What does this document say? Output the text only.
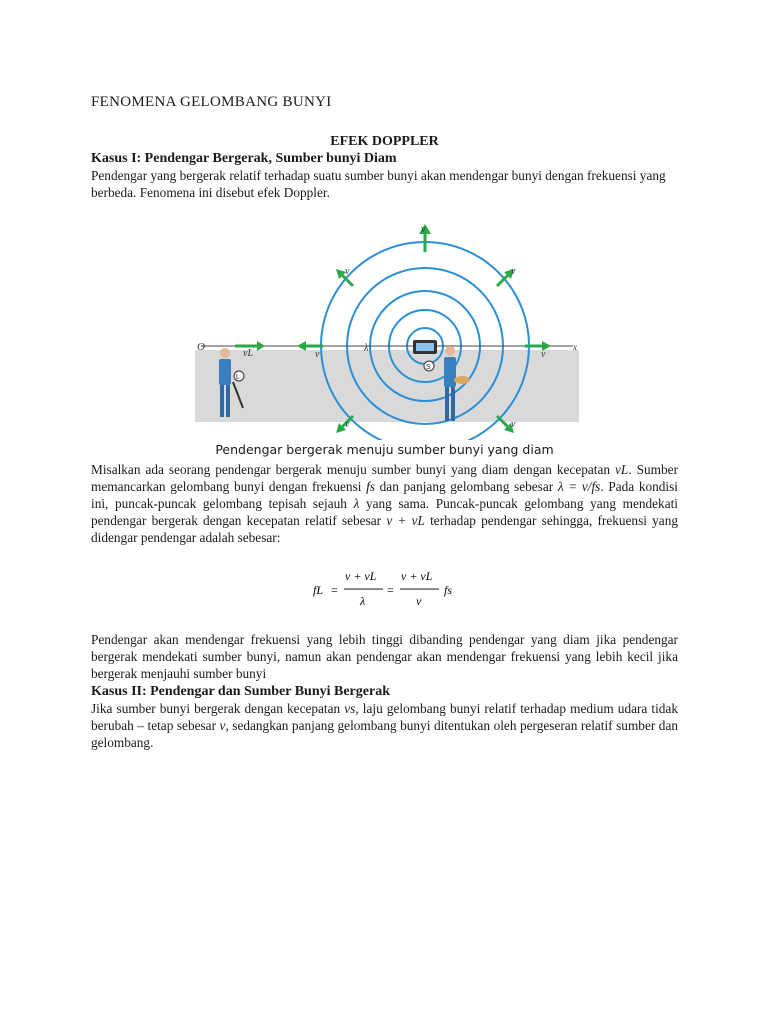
FENOMENA GELOMBANG BUNYI
EFEK DOPPLER
Kasus I: Pendengar Bergerak, Sumber bunyi Diam

Pendengar yang bergerak relatif terhadap suatu sumber bunyi akan mendengar bunyi dengan frekuensi yang berbeda. Fenomena ini disebut efek Doppler.

O	x
v
v	v
v	v
v	v
vL	λ
L
S
Pendengar bergerak menuju sumber bunyi yang diam

Misalkan ada seorang pendengar bergerak menuju sumber bunyi yang diam dengan kecepatan vL. Sumber memancarkan gelombang bunyi dengan frekuensi fs dan panjang gelombang sebesar λ = v/fs. Pada kondisi ini, puncak-puncak gelombang tepisah sejauh λ yang sama. Puncak-puncak gelombang yang mendekati pendengar bergerak dengan kecepatan relatif sebesar v + vL terhadap pendengar sehingga, frekuensi yang didengar pendengar adalah sebesar:

fL =
v + vL
λ
=
v + vL
v
fs

Pendengar akan mendengar frekuensi yang lebih tinggi dibanding pendengar yang diam jika pendengar bergerak mendekati sumber bunyi, namun akan pendengar akan mendengar frekuensi yang lebih kecil jika bergerak menjauhi sumber bunyi

Kasus II: Pendengar dan Sumber Bunyi Bergerak

Jika sumber bunyi bergerak dengan kecepatan vs, laju gelombang bunyi relatif terhadap medium udara tidak berubah – tetap sebesar v, sedangkan panjang gelombang bunyi ditentukan oleh pergeseran relatif sumber dan gelombang.
